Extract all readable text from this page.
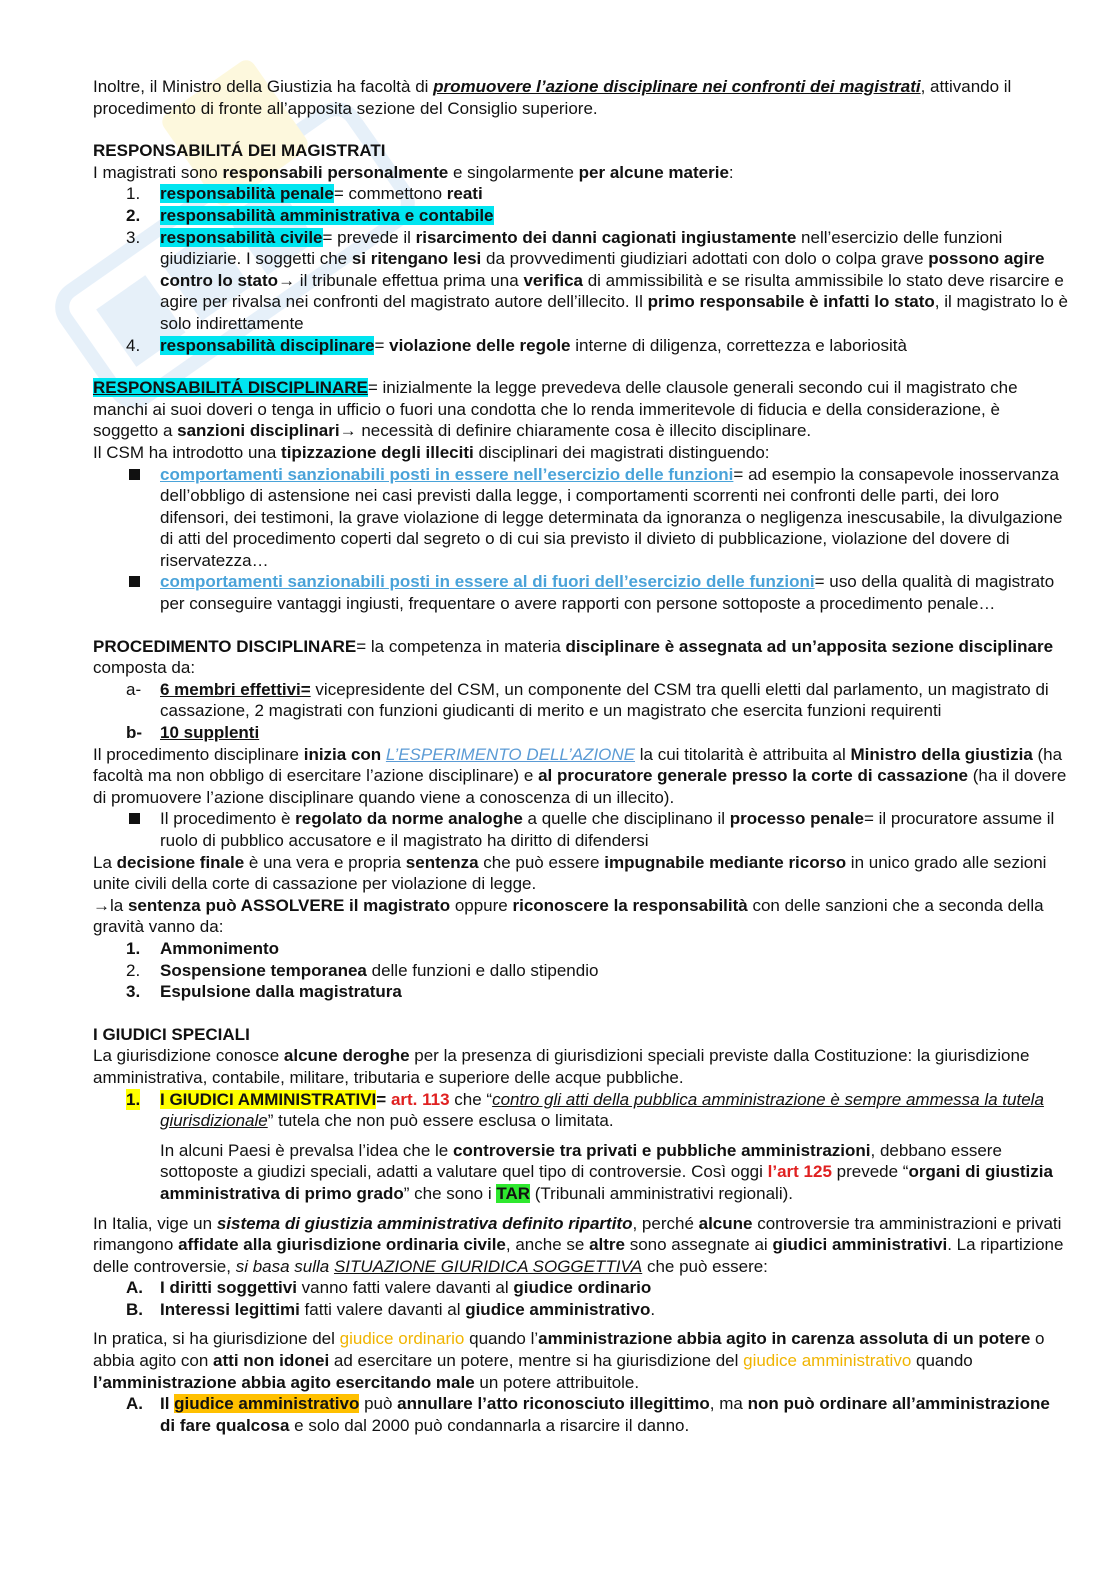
Inoltre, il Ministro della Giustizia ha facoltà di promuovere l’azione disciplinare nei confronti dei magistrati, attivando il procedimento di fronte all’apposita sezione del Consiglio superiore.

RESPONSABILITÁ DEI MAGISTRATI

I magistrati sono responsabili personalmente e singolarmente per alcune materie:

1. responsabilità penale= commettono reati
2. responsabilità amministrativa e contabile
3. responsabilità civile= prevede il risarcimento dei danni cagionati ingiustamente nell’esercizio delle funzioni giudiziarie. I soggetti che si ritengano lesi da provvedimenti giudiziari adottati con dolo o colpa grave possono agire contro lo stato→ il tribunale effettua prima una verifica di ammissibilità e se risulta ammissibile lo stato deve risarcire e agire per rivalsa nei confronti del magistrato autore dell’illecito. Il primo responsabile è infatti lo stato, il magistrato lo è solo indirettamente
4. responsabilità disciplinare= violazione delle regole interne di diligenza, correttezza e laboriosità

RESPONSABILITÁ DISCIPLINARE= inizialmente la legge prevedeva delle clausole generali secondo cui il magistrato che manchi ai suoi doveri o tenga in ufficio o fuori una condotta che lo renda immeritevole di fiducia e della considerazione, è soggetto a sanzioni disciplinari→ necessità di definire chiaramente cosa è illecito disciplinare.

Il CSM ha introdotto una tipizzazione degli illeciti disciplinari dei magistrati distinguendo:

comportamenti sanzionabili posti in essere nell’esercizio delle funzioni= ad esempio la consapevole inosservanza dell’obbligo di astensione nei casi previsti dalla legge, i comportamenti scorrenti nei confronti delle parti, dei loro difensori, dei testimoni, la grave violazione di legge determinata da ignoranza o negligenza inescusabile, la divulgazione di atti del procedimento coperti dal segreto o di cui sia previsto il divieto di pubblicazione, violazione del dovere di riservatezza…
comportamenti sanzionabili posti in essere al di fuori dell’esercizio delle funzioni= uso della qualità di magistrato per conseguire vantaggi ingiusti, frequentare o avere rapporti con persone sottoposte a procedimento penale…

PROCEDIMENTO DISCIPLINARE= la competenza in materia disciplinare è assegnata ad un’apposita sezione disciplinare composta da:

a- 6 membri effettivi= vicepresidente del CSM, un componente del CSM tra quelli eletti dal parlamento, un magistrato di cassazione, 2 magistrati con funzioni giudicanti di merito e un magistrato che esercita funzioni requirenti
b- 10 supplenti

Il procedimento disciplinare inizia con L’ESPERIMENTO DELL’AZIONE la cui titolarità è attribuita al Ministro della giustizia (ha facoltà ma non obbligo di esercitare l’azione disciplinare) e al procuratore generale presso la corte di cassazione (ha il dovere di promuovere l’azione disciplinare quando viene a conoscenza di un illecito).

Il procedimento è regolato da norme analoghe a quelle che disciplinano il processo penale= il procuratore assume il ruolo di pubblico accusatore e il magistrato ha diritto di difendersi

La decisione finale è una vera e propria sentenza che può essere impugnabile mediante ricorso in unico grado alle sezioni unite civili della corte di cassazione per violazione di legge.

→la sentenza può ASSOLVERE il magistrato oppure riconoscere la responsabilità con delle sanzioni che a seconda della gravità vanno da:

1. Ammonimento
2. Sospensione temporanea delle funzioni e dallo stipendio
3. Espulsione dalla magistratura

I GIUDICI SPECIALI

La giurisdizione conosce alcune deroghe per la presenza di giurisdizioni speciali previste dalla Costituzione: la giurisdizione amministrativa, contabile, militare, tributaria e superiore delle acque pubbliche.

1. I GIUDICI AMMINISTRATIVI= art. 113 che “contro gli atti della pubblica amministrazione è sempre ammessa la tutela giurisdizionale” tutela che non può essere esclusa o limitata.

In alcuni Paesi è prevalsa l’idea che le controversie tra privati e pubbliche amministrazioni, debbano essere sottoposte a giudizi speciali, adatti a valutare quel tipo di controversie. Così oggi l’art 125 prevede “organi di giustizia amministrativa di primo grado” che sono i TAR (Tribunali amministrativi regionali).

In Italia, vige un sistema di giustizia amministrativa definito ripartito, perché alcune controversie tra amministrazioni e privati rimangono affidate alla giurisdizione ordinaria civile, anche se altre sono assegnate ai giudici amministrativi. La ripartizione delle controversie, si basa sulla SITUAZIONE GIURIDICA SOGGETTIVA che può essere:

A. I diritti soggettivi vanno fatti valere davanti al giudice ordinario
B. Interessi legittimi fatti valere davanti al giudice amministrativo.

In pratica, si ha giurisdizione del giudice ordinario quando l’amministrazione abbia agito in carenza assoluta di un potere o abbia agito con atti non idonei ad esercitare un potere, mentre si ha giurisdizione del giudice amministrativo quando l’amministrazione abbia agito esercitando male un potere attribuitole.

A. Il giudice amministrativo può annullare l’atto riconosciuto illegittimo, ma non può ordinare all’amministrazione di fare qualcosa e solo dal 2000 può condannarla a risarcire il danno.
